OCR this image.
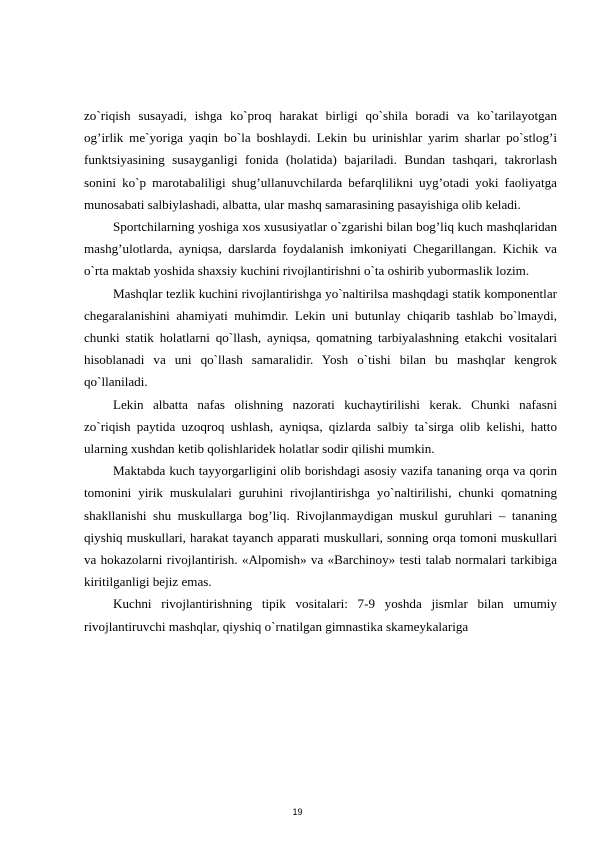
zo`riqish susayadi, ishga ko`proq harakat birligi qo`shila boradi va ko`tarilayotgan og’irlik me`yoriga yaqin bo`la boshlaydi. Lekin bu urinishlar yarim sharlar po`stlog’i funktsiyasining susayganligi fonida (holatida) bajariladi. Bundan tashqari, takrorlash sonini ko`p marotabaliligi shug’ullanuvchilarda befarqlilikni uyg’otadi yoki faoliyatga munosabati salbiylashadi, albatta, ular mashq samarasining pasayishiga olib keladi.

Sportchilarning yoshiga xos xususiyatlar o`zgarishi bilan bog’liq kuch mashqlaridan mashg’ulotlarda, ayniqsa, darslarda foydalanish imkoniyati Chegarillangan. Kichik va o`rta maktab yoshida shaxsiy kuchini rivojlantirishni o`ta oshirib yubormaslik lozim.

Mashqlar tezlik kuchini rivojlantirishga yo`naltirilsa mashqdagi statik komponentlar chegaralanishini ahamiyati muhimdir. Lekin uni butunlay chiqarib tashlab bo`lmaydi, chunki statik holatlarni qo`llash, ayniqsa, qomatning tarbiyalashning etakchi vositalari hisoblanadi va uni qo`llash samaralidir. Yosh o`tishi bilan bu mashqlar kengrok qo`llaniladi.

Lekin albatta nafas olishning nazorati kuchaytirilishi kerak. Chunki nafasni zo`riqish paytida uzoqroq ushlash, ayniqsa, qizlarda salbiy ta`sirga olib kelishi, hatto ularning xushdan ketib qolishlaridek holatlar sodir qilishi mumkin.

Maktabda kuch tayyorgarligini olib borishdagi asosiy vazifa tananing orqa va qorin tomonini yirik muskulalari guruhini rivojlantirishga yo`naltirilishi, chunki qomatning shakllanishi shu muskullarga bog’liq. Rivojlanmaydigan muskul guruhlari – tananing qiyshiq muskullari, harakat tayanch apparati muskullari, sonning orqa tomoni muskullari va hokazolarni rivojlantirish. «Alpomish» va «Barchinoy» testi talab normalari tarkibiga kiritilganligi bejiz emas.

Kuchni rivojlantirishning tipik vositalari: 7-9 yoshda jismlar bilan umumiy rivojlantiruvchi mashqlar, qiyshiq o`rnatilgan gimnastika skameykalariga

19
